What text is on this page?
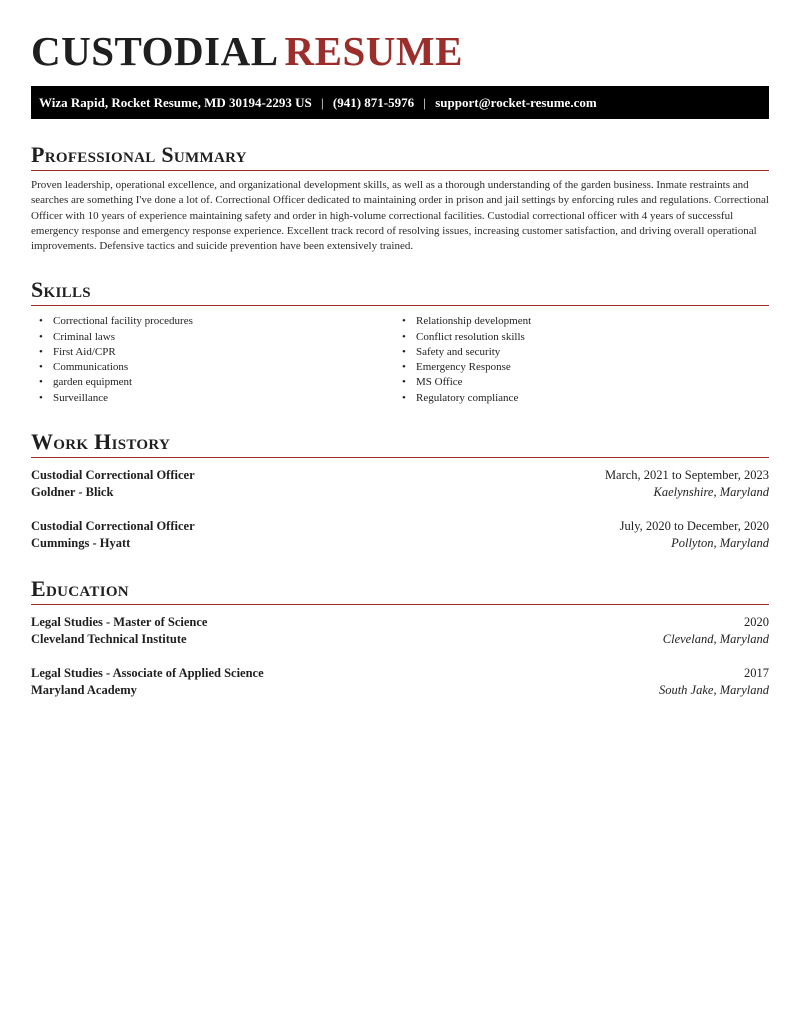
CUSTODIAL RESUME
Wiza Rapid, Rocket Resume, MD 30194-2293 US | (941) 871-5976 | support@rocket-resume.com
Professional Summary

Proven leadership, operational excellence, and organizational development skills, as well as a thorough understanding of the garden business. Inmate restraints and searches are something I've done a lot of. Correctional Officer dedicated to maintaining order in prison and jail settings by enforcing rules and regulations. Correctional Officer with 10 years of experience maintaining safety and order in high-volume correctional facilities. Custodial correctional officer with 4 years of successful emergency response and emergency response experience. Excellent track record of resolving issues, increasing customer satisfaction, and driving overall operational improvements. Defensive tactics and suicide prevention have been extensively trained.

Skills
• Correctional facility procedures
• Criminal laws
• First Aid/CPR
• Communications
• garden equipment
• Surveillance
• Relationship development
• Conflict resolution skills
• Safety and security
• Emergency Response
• MS Office
• Regulatory compliance
Work History
Custodial Correctional Officer	March, 2021 to September, 2023
Goldner - Blick	Kaelynshire, Maryland
Custodial Correctional Officer	July, 2020 to December, 2020
Cummings - Hyatt	Pollyton, Maryland
Education
Legal Studies - Master of Science	2020
Cleveland Technical Institute	Cleveland, Maryland
Legal Studies - Associate of Applied Science	2017
Maryland Academy	South Jake, Maryland
